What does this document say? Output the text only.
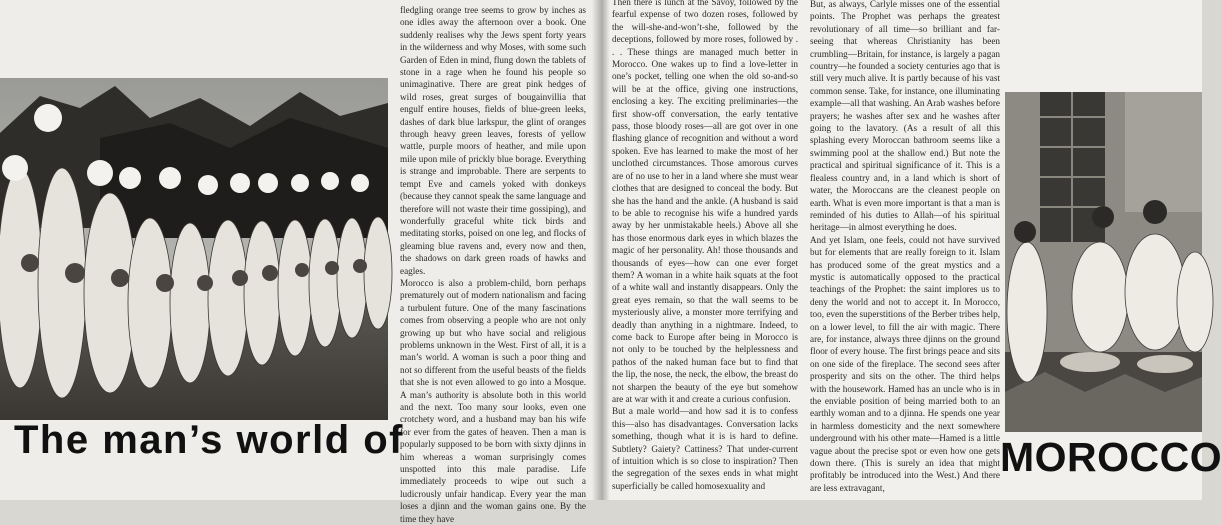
fledgling orange tree seems to grow by inches as one idles away the afternoon over a book. One suddenly realises why the Jews spent forty years in the wilderness and why Moses, with some such Garden of Eden in mind, flung down the tablets of stone in a rage when he found his people so unimaginative. There are great pink hedges of wild roses, great surges of bougainvillia that engulf entire houses, fields of blue-green leeks, dashes of dark blue larkspur, the glint of oranges through heavy green leaves, forests of yellow wattle, purple moors of heather, and mile upon mile upon mile of prickly blue borage. Everything is strange and improbable. There are serpents to tempt Eve and camels yoked with donkeys (because they cannot speak the same language and therefore will not waste their time gossiping), and wonderfully graceful white tick birds and meditating storks, poised on one leg, and flocks of gleaming blue ravens and, every now and then, the shadows on dark green roads of hawks and eagles.

Morocco is also a problem-child, born perhaps prematurely out of modern nationalism and facing a turbulent future. One of the many fascinations comes from observing a people who are not only growing up but who have social and religious problems unknown in the West. First of all, it is a man’s world. A woman is such a poor thing and not so different from the useful beasts of the fields that she is not even allowed to go into a Mosque. A man’s authority is absolute both in this world and the next. Too many sour looks, even one crotchety word, and a husband may ban his wife for ever from the gates of heaven. Then a man is popularly supposed to be born with sixty djinns in him whereas a woman surprisingly comes unspotted into this male paradise. Life immediately proceeds to wipe out such a ludicrously unfair handicap. Every year the man loses a djinn and the woman gains one. By the time they have

Then there is lunch at the Savoy, followed by the fearful expense of two dozen roses, followed by the will-she-and-won’t-she, followed by the deceptions, followed by more roses, followed by . . . These things are managed much better in Morocco. One wakes up to find a love-letter in one’s pocket, telling one when the old so-and-so will be at the office, giving one instructions, enclosing a key. The exciting preliminaries—the first show-off conversation, the early tentative pass, those bloody roses—all are got over in one flashing glance of recognition and without a word spoken. Eve has learned to make the most of her unclothed circumstances. Those amorous curves are of no use to her in a land where she must wear clothes that are designed to conceal the body. But she has the hand and the ankle. (A husband is said to be able to recognise his wife a hundred yards away by her unmistakable heels.) Above all she has those enormous dark eyes in which blazes the magic of her personality. Ah! those thousands and thousands of eyes—how can one ever forget them? A woman in a white haik squats at the foot of a white wall and instantly disappears. Only the great eyes remain, so that the wall seems to be mysteriously alive, a monster more terrifying and deadly than anything in a nightmare. Indeed, to come back to Europe after being in Morocco is not only to be touched by the helplessness and pathos of the naked human face but to find that the lip, the nose, the neck, the elbow, the breast do not sharpen the beauty of the eye but somehow are at war with it and create a curious confusion.

But a male world—and how sad it is to confess this—also has disadvantages. Conversation lacks something, though what it is is hard to define. Subtlety? Gaiety? Cattiness? That under-current of intuition which is so close to inspiration? Then the segregation of the sexes ends in what might superficially be called homosexuality and

But, as always, Carlyle misses one of the essential points. The Prophet was perhaps the greatest revolutionary of all time—so brilliant and far-seeing that whereas Christianity has been crumbling—Britain, for instance, is largely a pagan country—he founded a society centuries ago that is still very much alive. It is partly because of his vast common sense. Take, for instance, one illuminating example—all that washing. An Arab washes before prayers; he washes after sex and he washes after going to the lavatory. (As a result of all this splashing every Moroccan bathroom seems like a swimming pool at the shallow end.) But note the practical and spiritual significance of it. This is a flealess country and, in a land which is short of water, the Moroccans are the cleanest people on earth. What is even more important is that a man is reminded of his duties to Allah—of his spiritual heritage—in almost everything he does.

And yet Islam, one feels, could not have survived but for elements that are really foreign to it. Islam has produced some of the great mystics and a mystic is automatically opposed to the practical teachings of the Prophet: the saint implores us to deny the world and not to accept it. In Morocco, too, even the superstitions of the Berber tribes help, on a lower level, to fill the air with magic. There are, for instance, always three djinns on the ground floor of every house. The first brings peace and sits on one side of the fireplace. The second sees after prosperity and sits on the other. The third helps with the housework. Hamed has an uncle who is in the enviable position of being married both to an earthly woman and to a djinna. He spends one year in harmless domesticity and the next somewhere underground with his other mate—Hamed is a little vague about the precise spot or even how one gets down there. (This is surely an idea that might profitably be introduced into the West.) And there are less extravagant,

The man’s world of	MOROCCO
